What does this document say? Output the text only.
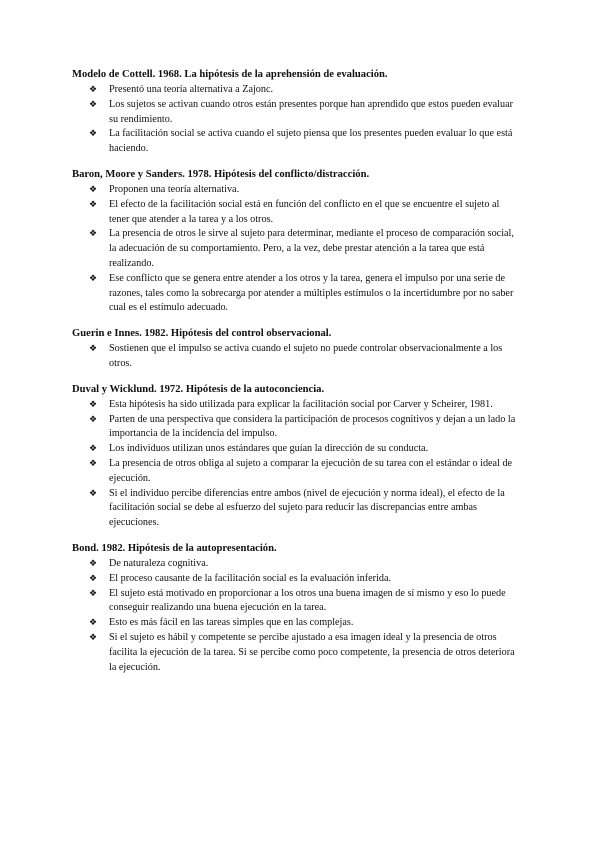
Modelo de Cottell. 1968. La hipótesis de la aprehensión de evaluación.
❖ Presentó una teoría alternativa a Zajonc.
❖ Los sujetos se activan cuando otros están presentes porque han aprendido que estos pueden evaluar su rendimiento.
❖ La facilitación social se activa cuando el sujeto piensa que los presentes pueden evaluar lo que está haciendo.
Baron, Moore y Sanders. 1978. Hipótesis del conflicto/distracción.
❖ Proponen una teoría alternativa.
❖ El efecto de la facilitación social está en función del conflicto en el que se encuentre el sujeto al tener que atender a la tarea y a los otros.
❖ La presencia de otros le sirve al sujeto para determinar, mediante el proceso de comparación social, la adecuación de su comportamiento. Pero, a la vez, debe prestar atención a la tarea que está realizando.
❖ Ese conflicto que se genera entre atender a los otros y la tarea, genera el impulso por una serie de razones, tales como la sobrecarga por atender a múltiples estímulos o la incertidumbre por no saber cual es el estímulo adecuado.
Guerin e Innes. 1982. Hipótesis del control observacional.
❖ Sostienen que el impulso se activa cuando el sujeto no puede controlar observacionalmente a los otros.
Duval y Wicklund. 1972. Hipótesis de la autoconciencia.
❖ Esta hipótesis ha sido utilizada para explicar la facilitación social por Carver y Scheirer, 1981.
❖ Parten de una perspectiva que considera la participación de procesos cognitivos y dejan a un lado la importancia de la incidencia del impulso.
❖ Los individuos utilizan unos estándares que guían la dirección de su conducta.
❖ La presencia de otros obliga al sujeto a comparar la ejecución de su tarea con el estándar o ideal de ejecución.
❖ Si el individuo percibe diferencias entre ambos (nivel de ejecución y norma ideal), el efecto de la facilitación social se debe al esfuerzo del sujeto para reducir las discrepancias entre ambas ejecuciones.
Bond. 1982. Hipótesis de la autopresentación.
❖ De naturaleza cognitiva.
❖ El proceso causante de la facilitación social es la evaluación inferida.
❖ El sujeto está motivado en proporcionar a los otros una buena imagen de sí mismo y eso lo puede conseguir realizando una buena ejecución en la tarea.
❖ Esto es más fácil en las tareas simples que en las complejas.
❖ Si el sujeto es hábil y competente se percibe ajustado a esa imagen ideal y la presencia de otros facilita la ejecución de la tarea. Si se percibe como poco competente, la presencia de otros deteriora la ejecución.
